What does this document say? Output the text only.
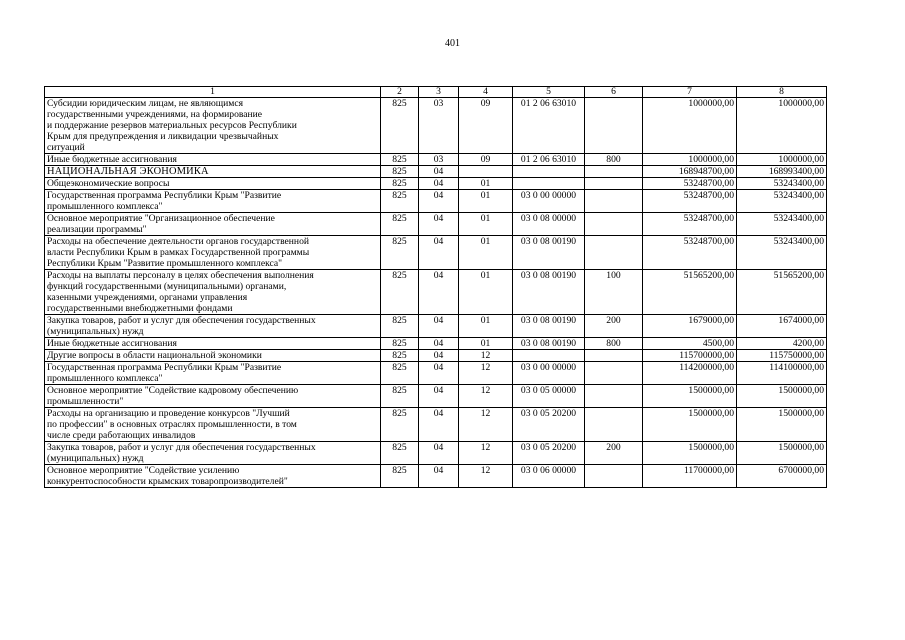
401
1	2	3	4	5	6	7	8
Субсидии юридическим лицам, не являющимся
государственными учреждениями, на формирование
и поддержание резервов материальных ресурсов Республики
Крым для предупреждения и ликвидации чрезвычайных
ситуаций	825	03	09	01 2 06 63010		1000000,00	1000000,00
Иные бюджетные ассигнования	825	03	09	01 2 06 63010	800	1000000,00	1000000,00
НАЦИОНАЛЬНАЯ ЭКОНОМИКА	825	04				168948700,00	168993400,00
Общеэкономические вопросы	825	04	01			53248700,00	53243400,00
Государственная программа Республики Крым "Развитие
промышленного комплекса"	825	04	01	03 0 00 00000		53248700,00	53243400,00
Основное мероприятие "Организационное обеспечение
реализации программы"	825	04	01	03 0 08 00000		53248700,00	53243400,00
Расходы на обеспечение деятельности органов государственной
власти Республики Крым в рамках Государственной программы
Республики Крым "Развитие промышленного комплекса"	825	04	01	03 0 08 00190		53248700,00	53243400,00
Расходы на выплаты персоналу в целях обеспечения выполнения
функций государственными (муниципальными) органами,
казенными учреждениями, органами управления
государственными внебюджетными фондами	825	04	01	03 0 08 00190	100	51565200,00	51565200,00
Закупка товаров, работ и услуг для обеспечения государственных
(муниципальных) нужд	825	04	01	03 0 08 00190	200	1679000,00	1674000,00
Иные бюджетные ассигнования	825	04	01	03 0 08 00190	800	4500,00	4200,00
Другие вопросы в области национальной экономики	825	04	12			115700000,00	115750000,00
Государственная программа Республики Крым "Развитие
промышленного комплекса"	825	04	12	03 0 00 00000		114200000,00	114100000,00
Основное мероприятие "Содействие кадровому обеспечению
промышленности"	825	04	12	03 0 05 00000		1500000,00	1500000,00
Расходы на организацию и проведение конкурсов "Лучший
по профессии" в основных отраслях промышленности, в том
числе среди работающих инвалидов	825	04	12	03 0 05 20200		1500000,00	1500000,00
Закупка товаров, работ и услуг для обеспечения государственных
(муниципальных) нужд	825	04	12	03 0 05 20200	200	1500000,00	1500000,00
Основное мероприятие "Содействие усилению
конкурентоспособности крымских товаропроизводителей"	825	04	12	03 0 06 00000		11700000,00	6700000,00
